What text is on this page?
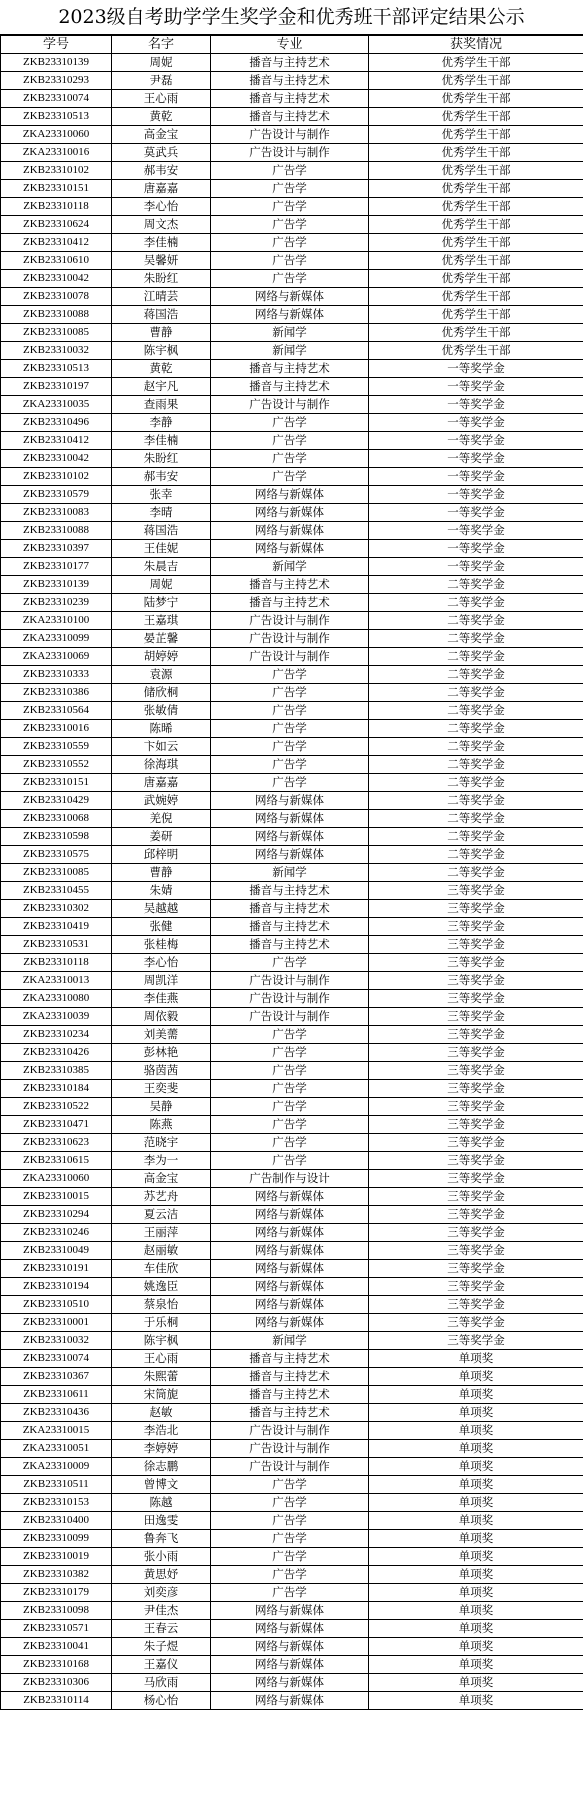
2023级自考助学学生奖学金和优秀班干部评定结果公示
学号	名字	专业	获奖情况
ZKB23310139	周妮	播音与主持艺术	优秀学生干部
ZKB23310293	尹磊	播音与主持艺术	优秀学生干部
ZKB23310074	王心雨	播音与主持艺术	优秀学生干部
ZKB23310513	黄乾	播音与主持艺术	优秀学生干部
ZKA23310060	高金宝	广告设计与制作	优秀学生干部
ZKA23310016	莫武兵	广告设计与制作	优秀学生干部
ZKB23310102	郝韦安	广告学	优秀学生干部
ZKB23310151	唐嘉嘉	广告学	优秀学生干部
ZKB23310118	李心怡	广告学	优秀学生干部
ZKB23310624	周文杰	广告学	优秀学生干部
ZKB23310412	李佳楠	广告学	优秀学生干部
ZKB23310610	吴馨妍	广告学	优秀学生干部
ZKB23310042	朱盼红	广告学	优秀学生干部
ZKB23310078	江晴芸	网络与新媒体	优秀学生干部
ZKB23310088	蒋国浩	网络与新媒体	优秀学生干部
ZKB23310085	曹静	新闻学	优秀学生干部
ZKB23310032	陈宇枫	新闻学	优秀学生干部
ZKB23310513	黄乾	播音与主持艺术	一等奖学金
ZKB23310197	赵宇凡	播音与主持艺术	一等奖学金
ZKA23310035	查雨果	广告设计与制作	一等奖学金
ZKB23310496	李静	广告学	一等奖学金
ZKB23310412	李佳楠	广告学	一等奖学金
ZKB23310042	朱盼红	广告学	一等奖学金
ZKB23310102	郝韦安	广告学	一等奖学金
ZKB23310579	张幸	网络与新媒体	一等奖学金
ZKB23310083	李晴	网络与新媒体	一等奖学金
ZKB23310088	蒋国浩	网络与新媒体	一等奖学金
ZKB23310397	王佳妮	网络与新媒体	一等奖学金
ZKB23310177	朱晨吉	新闻学	一等奖学金
ZKB23310139	周妮	播音与主持艺术	二等奖学金
ZKB23310239	陆梦宁	播音与主持艺术	二等奖学金
ZKA23310100	王嘉琪	广告设计与制作	二等奖学金
ZKA23310099	晏芷馨	广告设计与制作	二等奖学金
ZKA23310069	胡婷婷	广告设计与制作	二等奖学金
ZKB23310333	袁源	广告学	二等奖学金
ZKB23310386	储欣桐	广告学	二等奖学金
ZKB23310564	张敏倩	广告学	二等奖学金
ZKB23310016	陈晞	广告学	二等奖学金
ZKB23310559	卞如云	广告学	二等奖学金
ZKB23310552	徐海琪	广告学	二等奖学金
ZKB23310151	唐嘉嘉	广告学	二等奖学金
ZKB23310429	武婉婷	网络与新媒体	二等奖学金
ZKB23310068	羌倪	网络与新媒体	二等奖学金
ZKB23310598	姜研	网络与新媒体	二等奖学金
ZKB23310575	邱梓明	网络与新媒体	二等奖学金
ZKB23310085	曹静	新闻学	二等奖学金
ZKB23310455	朱婧	播音与主持艺术	三等奖学金
ZKB23310302	吴越越	播音与主持艺术	三等奖学金
ZKB23310419	张健	播音与主持艺术	三等奖学金
ZKB23310531	张桂梅	播音与主持艺术	三等奖学金
ZKB23310118	李心怡	广告学	三等奖学金
ZKA23310013	周凯洋	广告设计与制作	三等奖学金
ZKA23310080	李佳燕	广告设计与制作	三等奖学金
ZKA23310039	周依毅	广告设计与制作	三等奖学金
ZKB23310234	刘美薷	广告学	三等奖学金
ZKB23310426	彭林艳	广告学	三等奖学金
ZKB23310385	骆茵茜	广告学	三等奖学金
ZKB23310184	王奕斐	广告学	三等奖学金
ZKB23310522	吴静	广告学	三等奖学金
ZKB23310471	陈燕	广告学	三等奖学金
ZKB23310623	范晓宇	广告学	三等奖学金
ZKB23310615	李为一	广告学	三等奖学金
ZKA23310060	高金宝	广告制作与设计	三等奖学金
ZKB23310015	苏艺舟	网络与新媒体	三等奖学金
ZKB23310294	夏云洁	网络与新媒体	三等奖学金
ZKB23310246	王丽萍	网络与新媒体	三等奖学金
ZKB23310049	赵丽敏	网络与新媒体	三等奖学金
ZKB23310191	车佳欣	网络与新媒体	三等奖学金
ZKB23310194	姚逸臣	网络与新媒体	三等奖学金
ZKB23310510	蔡泉怡	网络与新媒体	三等奖学金
ZKB23310001	于乐桐	网络与新媒体	三等奖学金
ZKB23310032	陈宇枫	新闻学	三等奖学金
ZKB23310074	王心雨	播音与主持艺术	单项奖
ZKB23310367	朱熙蕾	播音与主持艺术	单项奖
ZKB23310611	宋筒旎	播音与主持艺术	单项奖
ZKB23310436	赵敏	播音与主持艺术	单项奖
ZKA23310015	李浩北	广告设计与制作	单项奖
ZKA23310051	李婷婷	广告设计与制作	单项奖
ZKA23310009	徐志鹏	广告设计与制作	单项奖
ZKB23310511	曾博文	广告学	单项奖
ZKB23310153	陈越	广告学	单项奖
ZKB23310400	田逸雯	广告学	单项奖
ZKB23310099	鲁奔飞	广告学	单项奖
ZKB23310019	张小雨	广告学	单项奖
ZKB23310382	黄思妤	广告学	单项奖
ZKB23310179	刘奕彦	广告学	单项奖
ZKB23310098	尹佳杰	网络与新媒体	单项奖
ZKB23310571	王春云	网络与新媒体	单项奖
ZKB23310041	朱子煜	网络与新媒体	单项奖
ZKB23310168	王嘉仪	网络与新媒体	单项奖
ZKB23310306	马欣雨	网络与新媒体	单项奖
ZKB23310114	杨心怡	网络与新媒体	单项奖
